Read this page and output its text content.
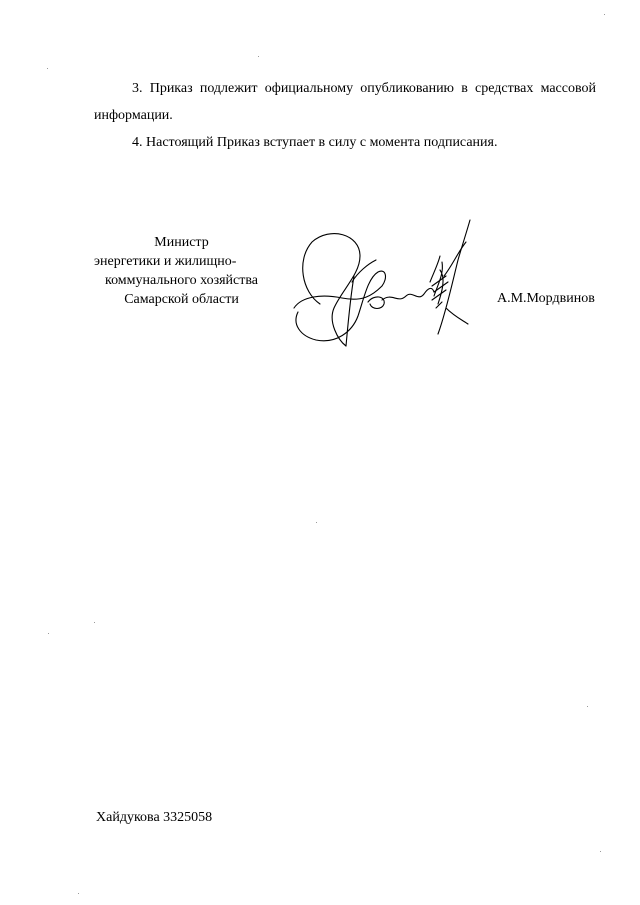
3. Приказ подлежит официальному опубликованию в средствах массовой информации.

4. Настоящий Приказ вступает в силу с момента подписания.

Министр
энергетики и жилищно-
коммунального хозяйства
Самарской области	А.М.Мордвинов
Хайдукова 3325058
